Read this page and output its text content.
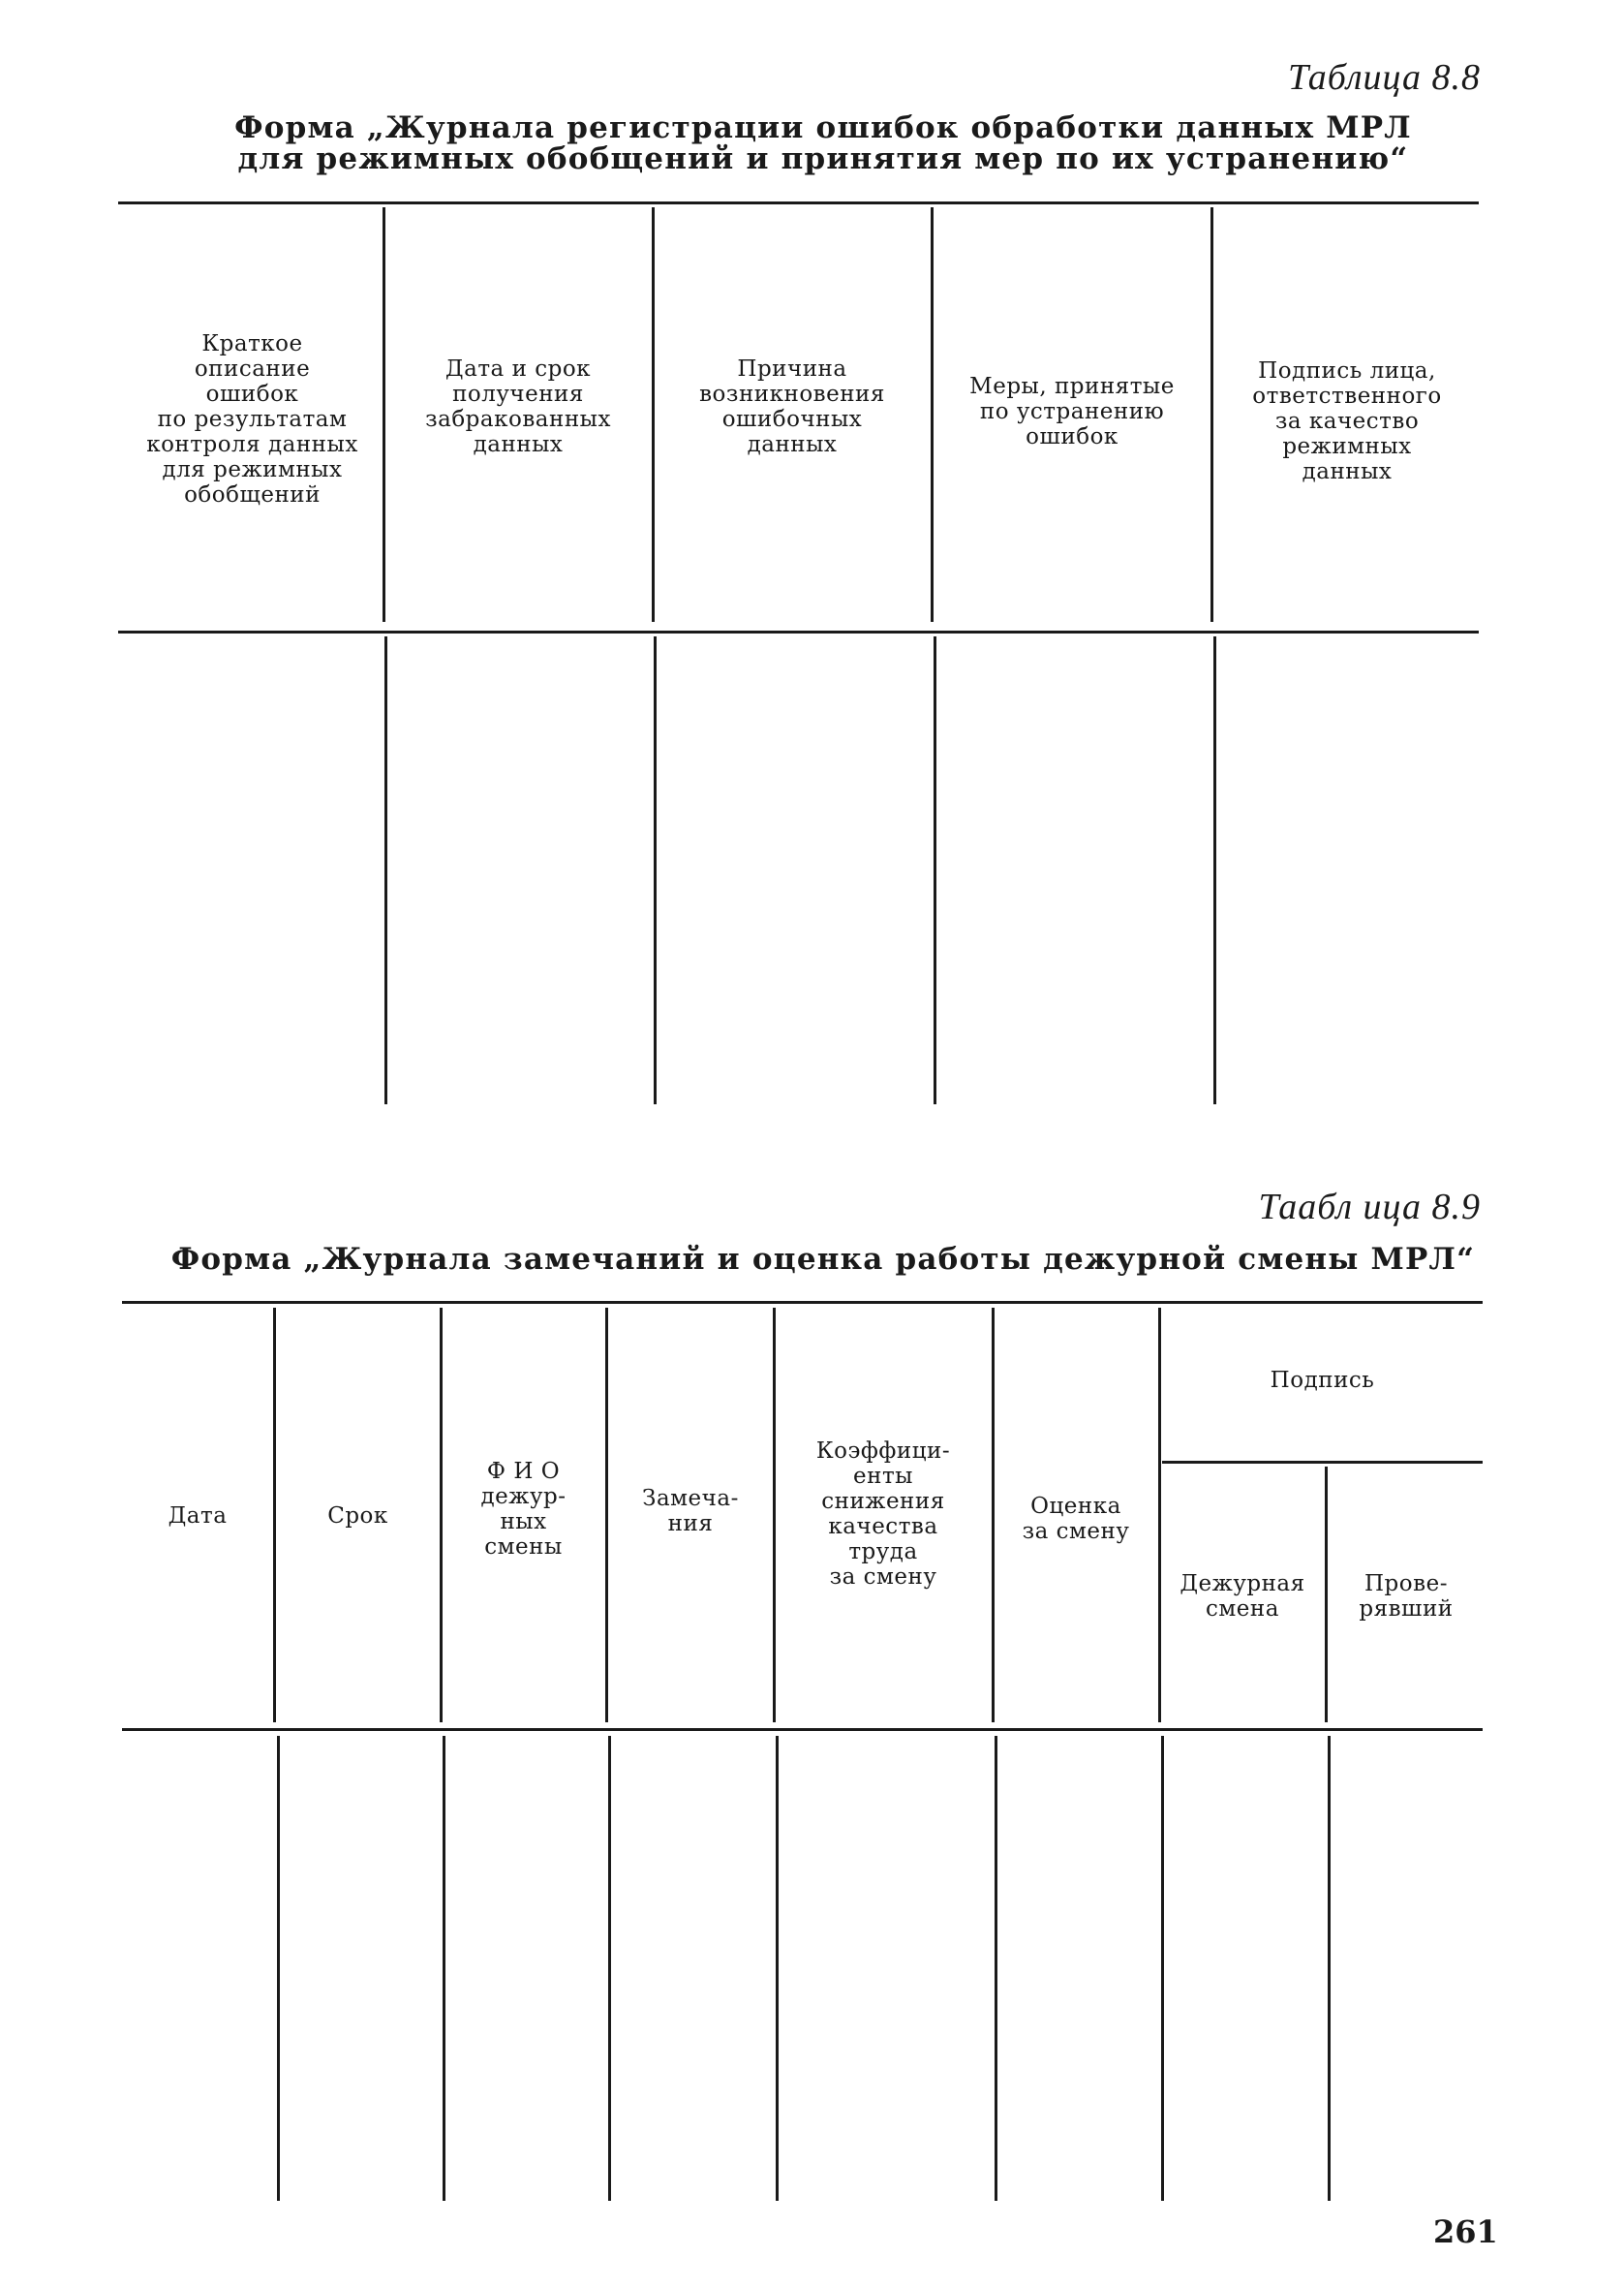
Таблица 8.8
Форма „Журнала регистрации ошибок обработки данных МРЛ
для режимных обобщений и принятия мер по их устранению“
Краткое
описание
ошибок
по результатам
контроля данных
для режимных
обобщений
Дата и срок
получения
забракованных
данных
Причина
возникновения
ошибочных
данных
Меры, принятые
по устранению
ошибок
Подпись лица,
ответственного
за качество
режимных
данных
Таабл ица 8.9
Форма „Журнала замечаний и оценка работы дежурной смены МРЛ“
Дата	Срок
Ф И О
дежур-
ных
смены
Замеча-
ния
Коэффици-
енты
снижения
качества
труда
за смену
Оценка
за смену
Подпись
Дежурная
смена
Прове-
рявший
261
